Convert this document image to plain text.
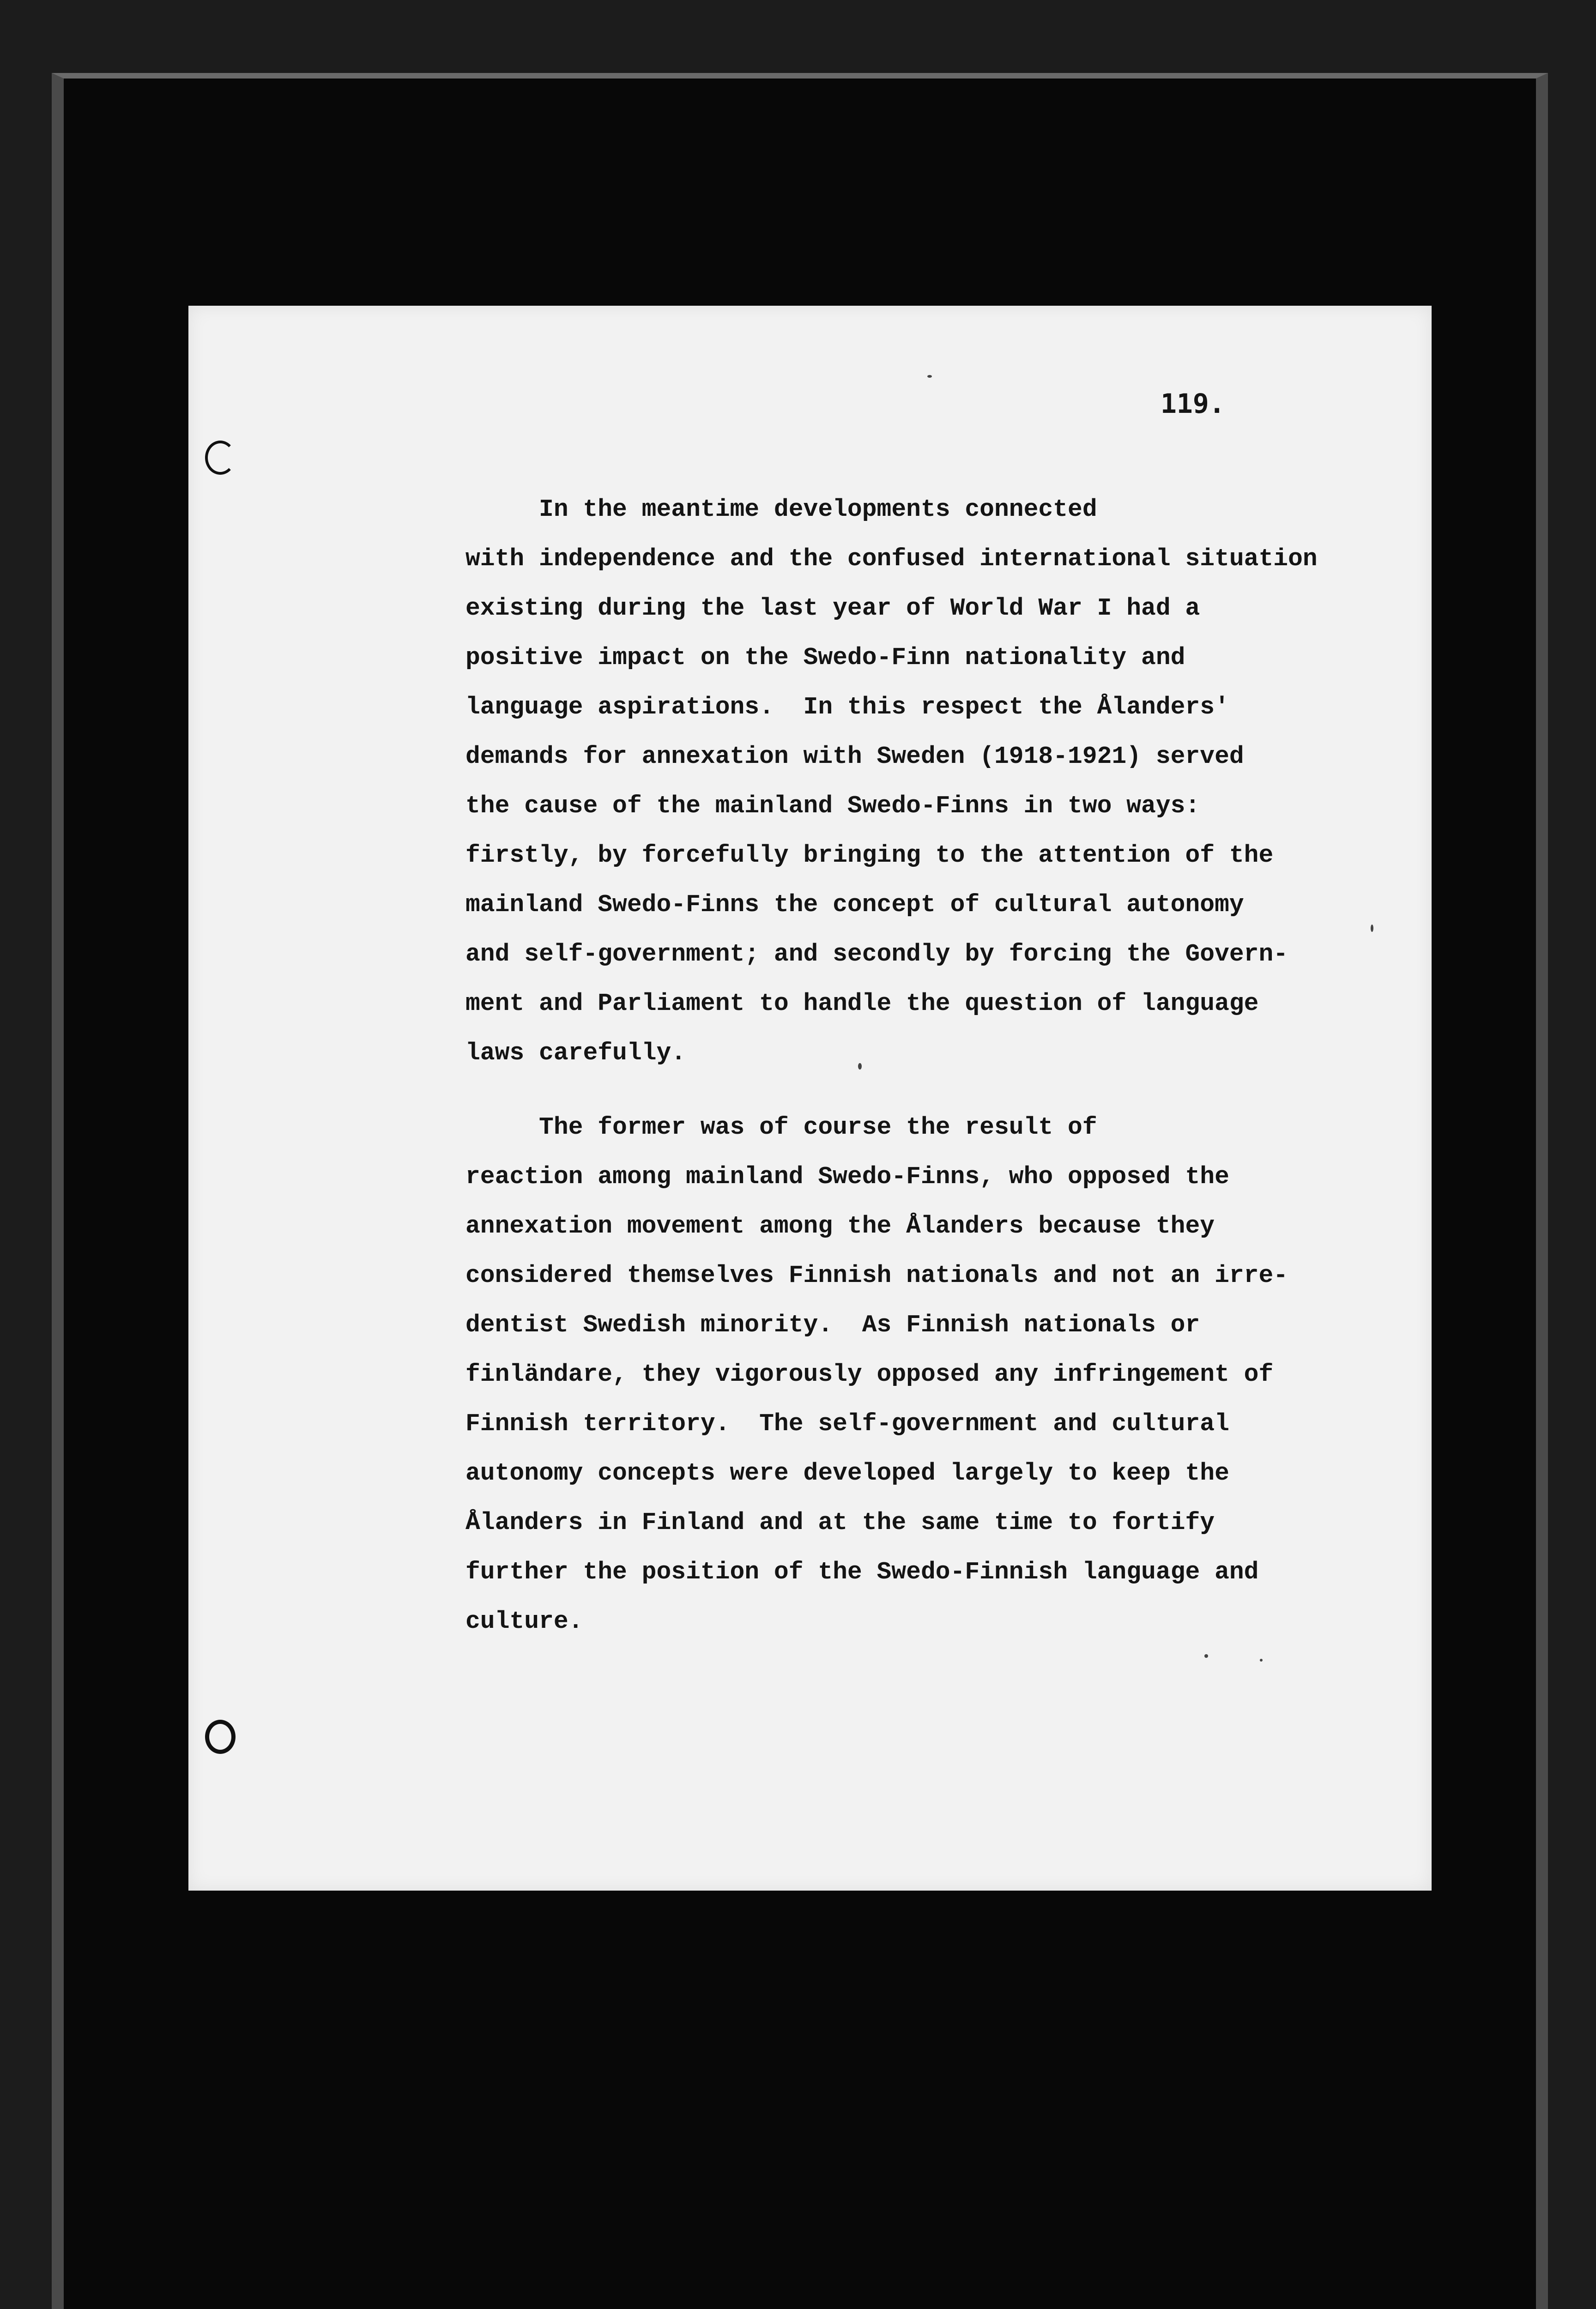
119.
In the meantime developments connected
with independence and the confused international situation
existing during the last year of World War I had a
positive impact on the Swedo-Finn nationality and
language aspirations.  In this respect the Ålanders'
demands for annexation with Sweden (1918-1921) served
the cause of the mainland Swedo-Finns in two ways:
firstly, by forcefully bringing to the attention of the
mainland Swedo-Finns the concept of cultural autonomy
and self-government; and secondly by forcing the Govern-
ment and Parliament to handle the question of language
laws carefully.
The former was of course the result of
reaction among mainland Swedo-Finns, who opposed the
annexation movement among the Ålanders because they
considered themselves Finnish nationals and not an irre-
dentist Swedish minority.  As Finnish nationals or
finländare, they vigorously opposed any infringement of
Finnish territory.  The self-government and cultural
autonomy concepts were developed largely to keep the
Ålanders in Finland and at the same time to fortify
further the position of the Swedo-Finnish language and
culture.
